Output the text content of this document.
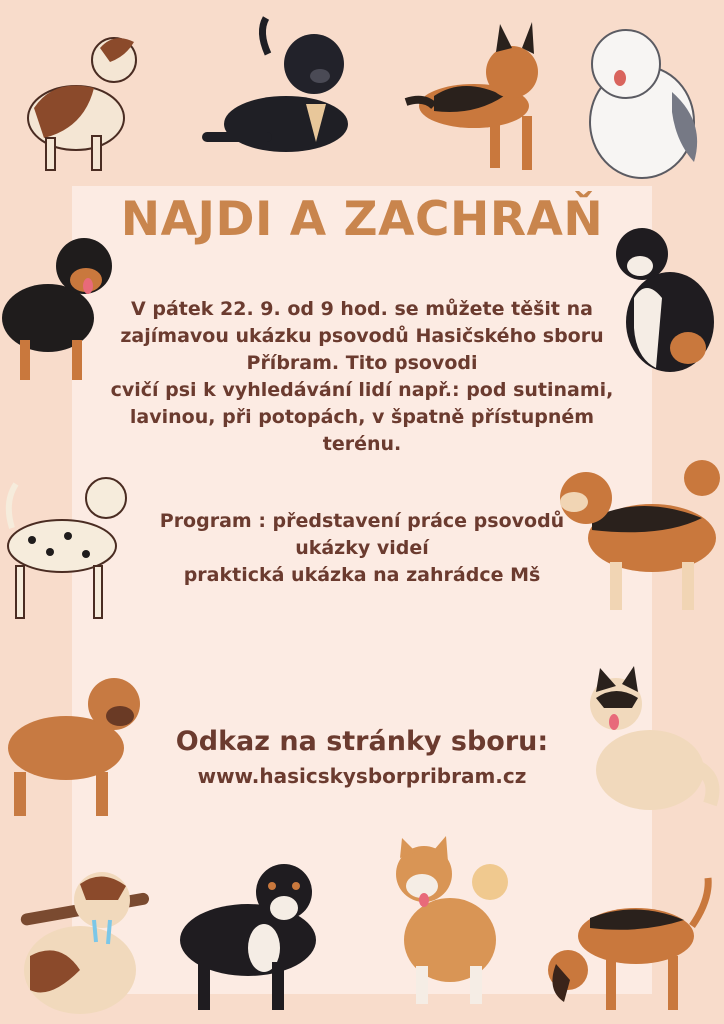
NAJDI A ZACHRAŇ

V pátek 22. 9. od 9 hod. se můžete těšit na
zajímavou ukázku psovodů Hasičského sboru
Příbram. Tito psovodi
cvičí psi k vyhledávání lidí např.: pod sutinami,
lavinou, při potopách, v špatně přístupném
terénu.

Program : představení práce psovodů
ukázky videí
praktická ukázka na zahrádce Mš

Odkaz na stránky sboru:

www.hasicskysborpribram.cz
